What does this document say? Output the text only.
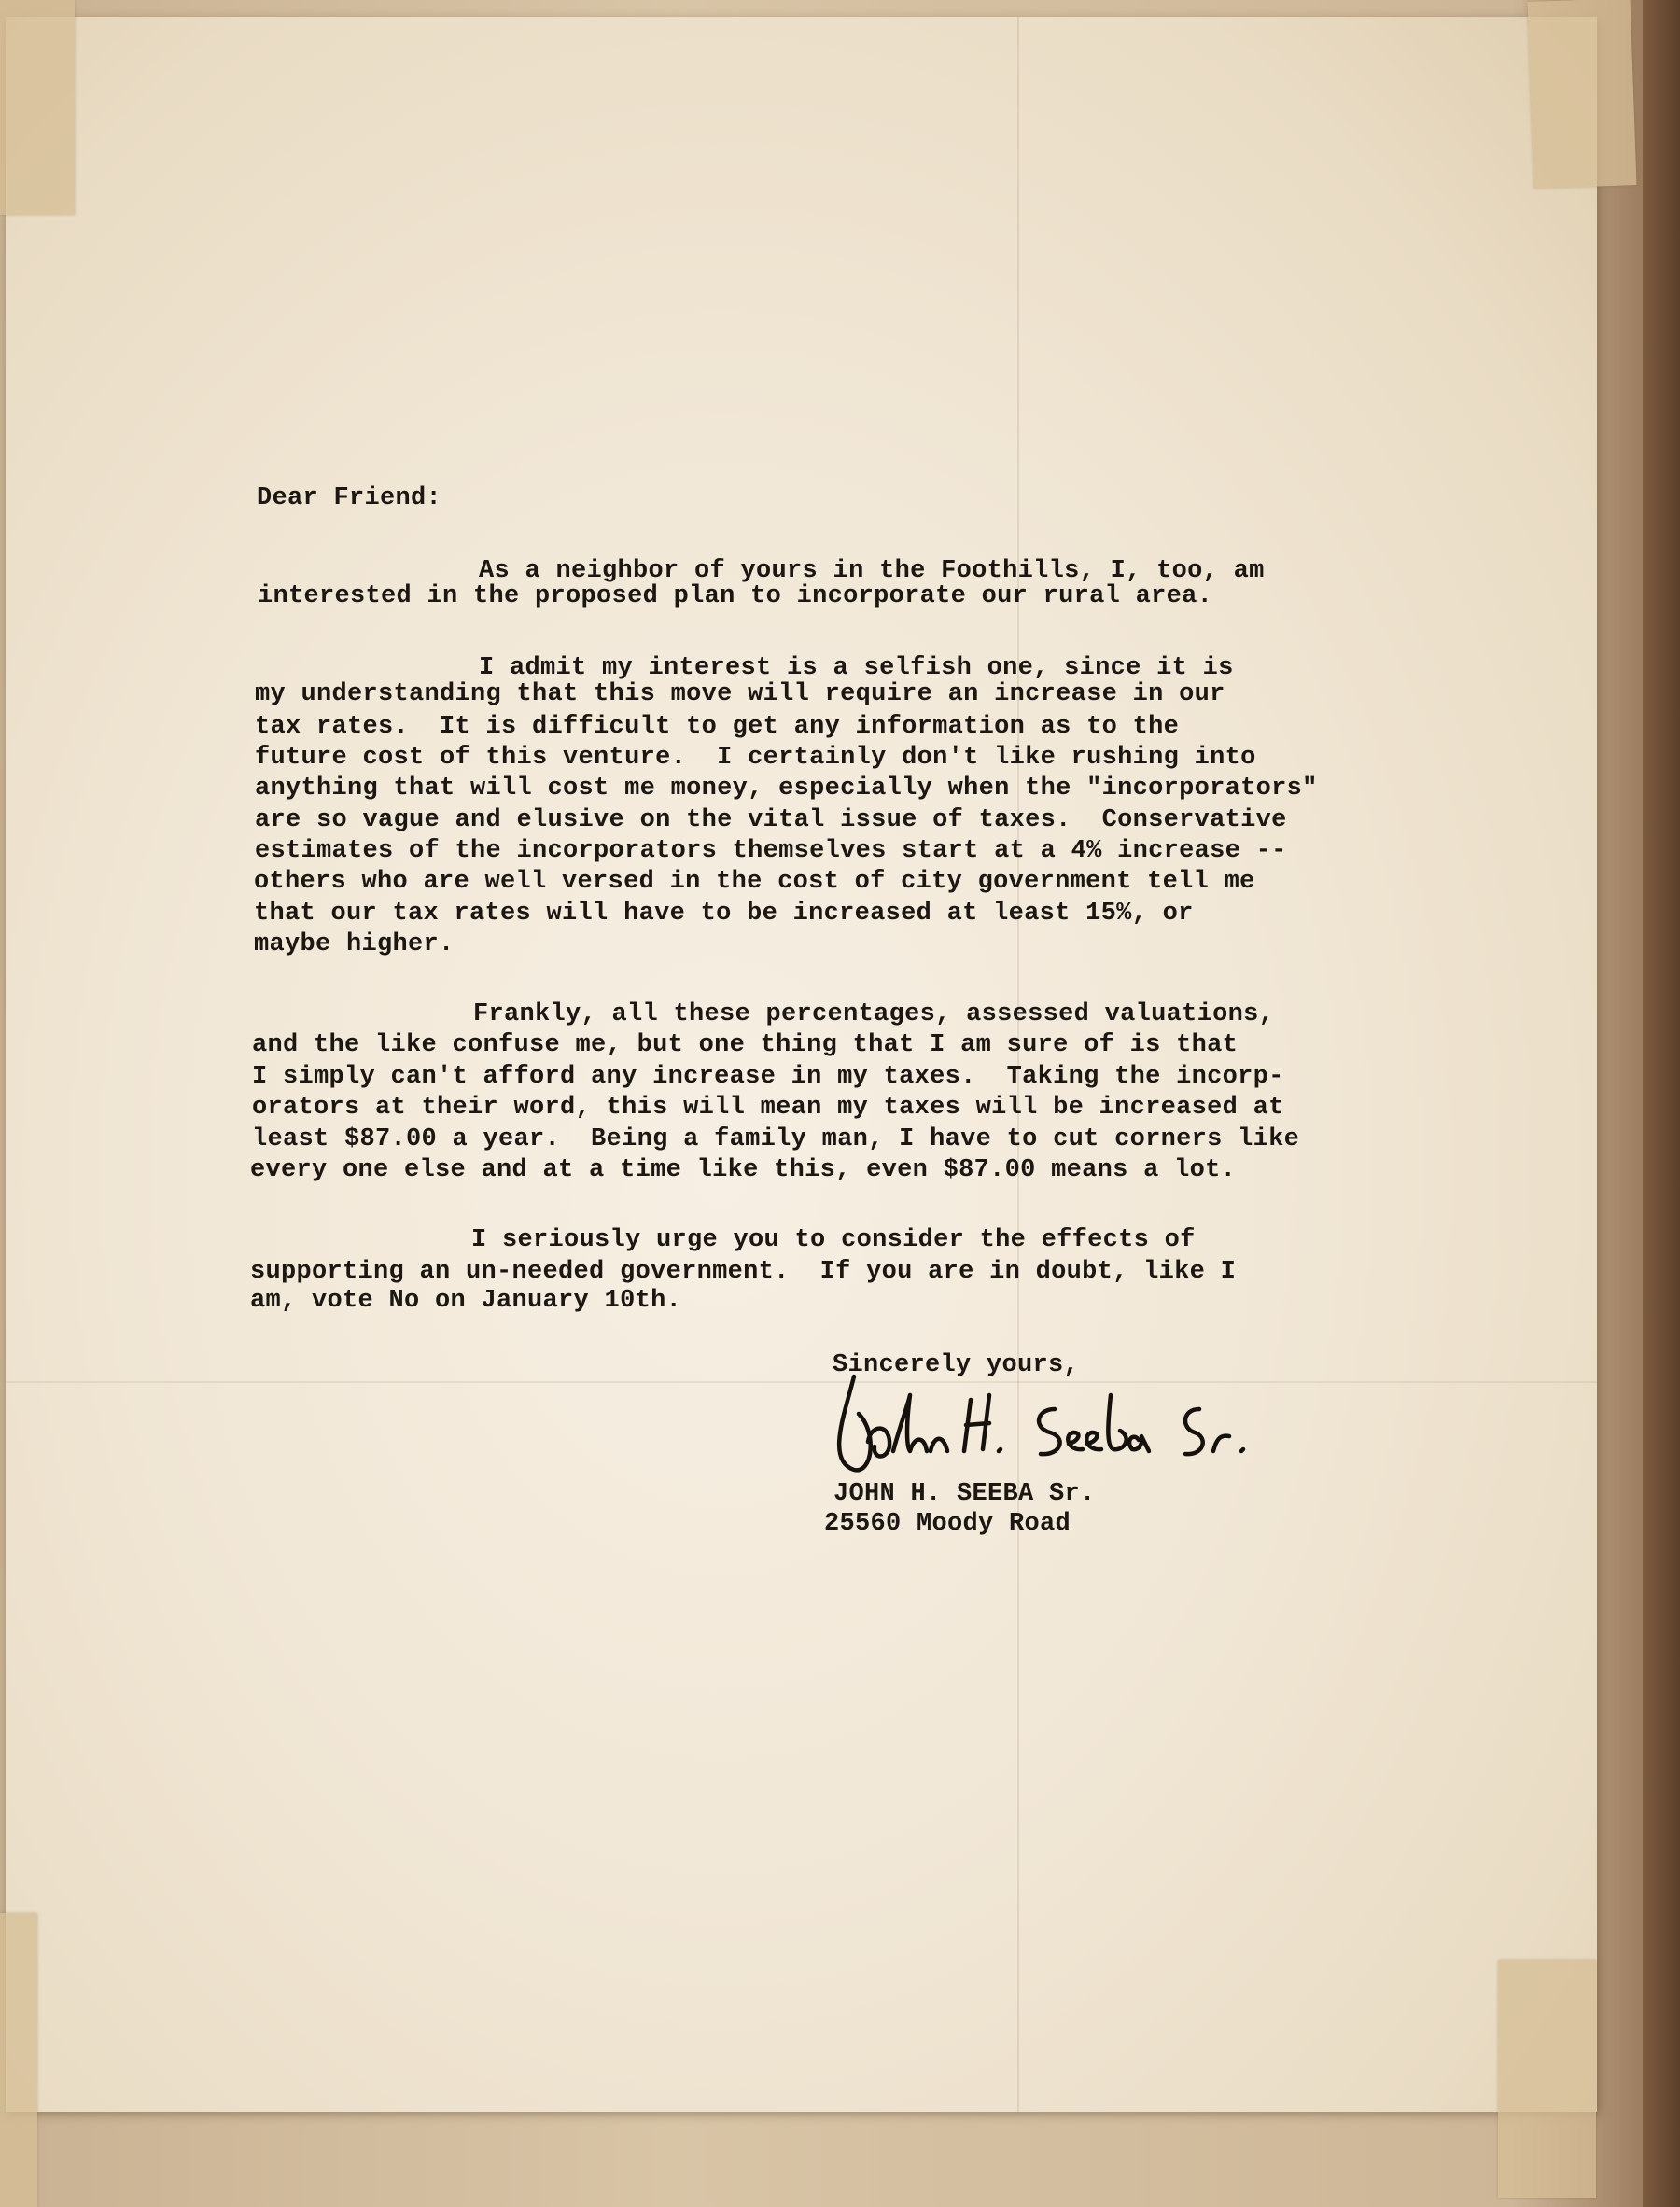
Dear Friend:
As a neighbor of yours in the Foothills, I, too, am
interested in the proposed plan to incorporate our rural area.
I admit my interest is a selfish one, since it is
my understanding that this move will require an increase in our
tax rates.  It is difficult to get any information as to the
future cost of this venture.  I certainly don't like rushing into
anything that will cost me money, especially when the "incorporators"
are so vague and elusive on the vital issue of taxes.  Conservative
estimates of the incorporators themselves start at a 4% increase --
others who are well versed in the cost of city government tell me
that our tax rates will have to be increased at least 15%, or
maybe higher.
Frankly, all these percentages, assessed valuations,
and the like confuse me, but one thing that I am sure of is that
I simply can't afford any increase in my taxes.  Taking the incorp-
orators at their word, this will mean my taxes will be increased at
least $87.00 a year.  Being a family man, I have to cut corners like
every one else and at a time like this, even $87.00 means a lot.
I seriously urge you to consider the effects of
supporting an un-needed government.  If you are in doubt, like I
am, vote No on January 10th.
Sincerely yours,
JOHN H. SEEBA Sr.
25560 Moody Road
